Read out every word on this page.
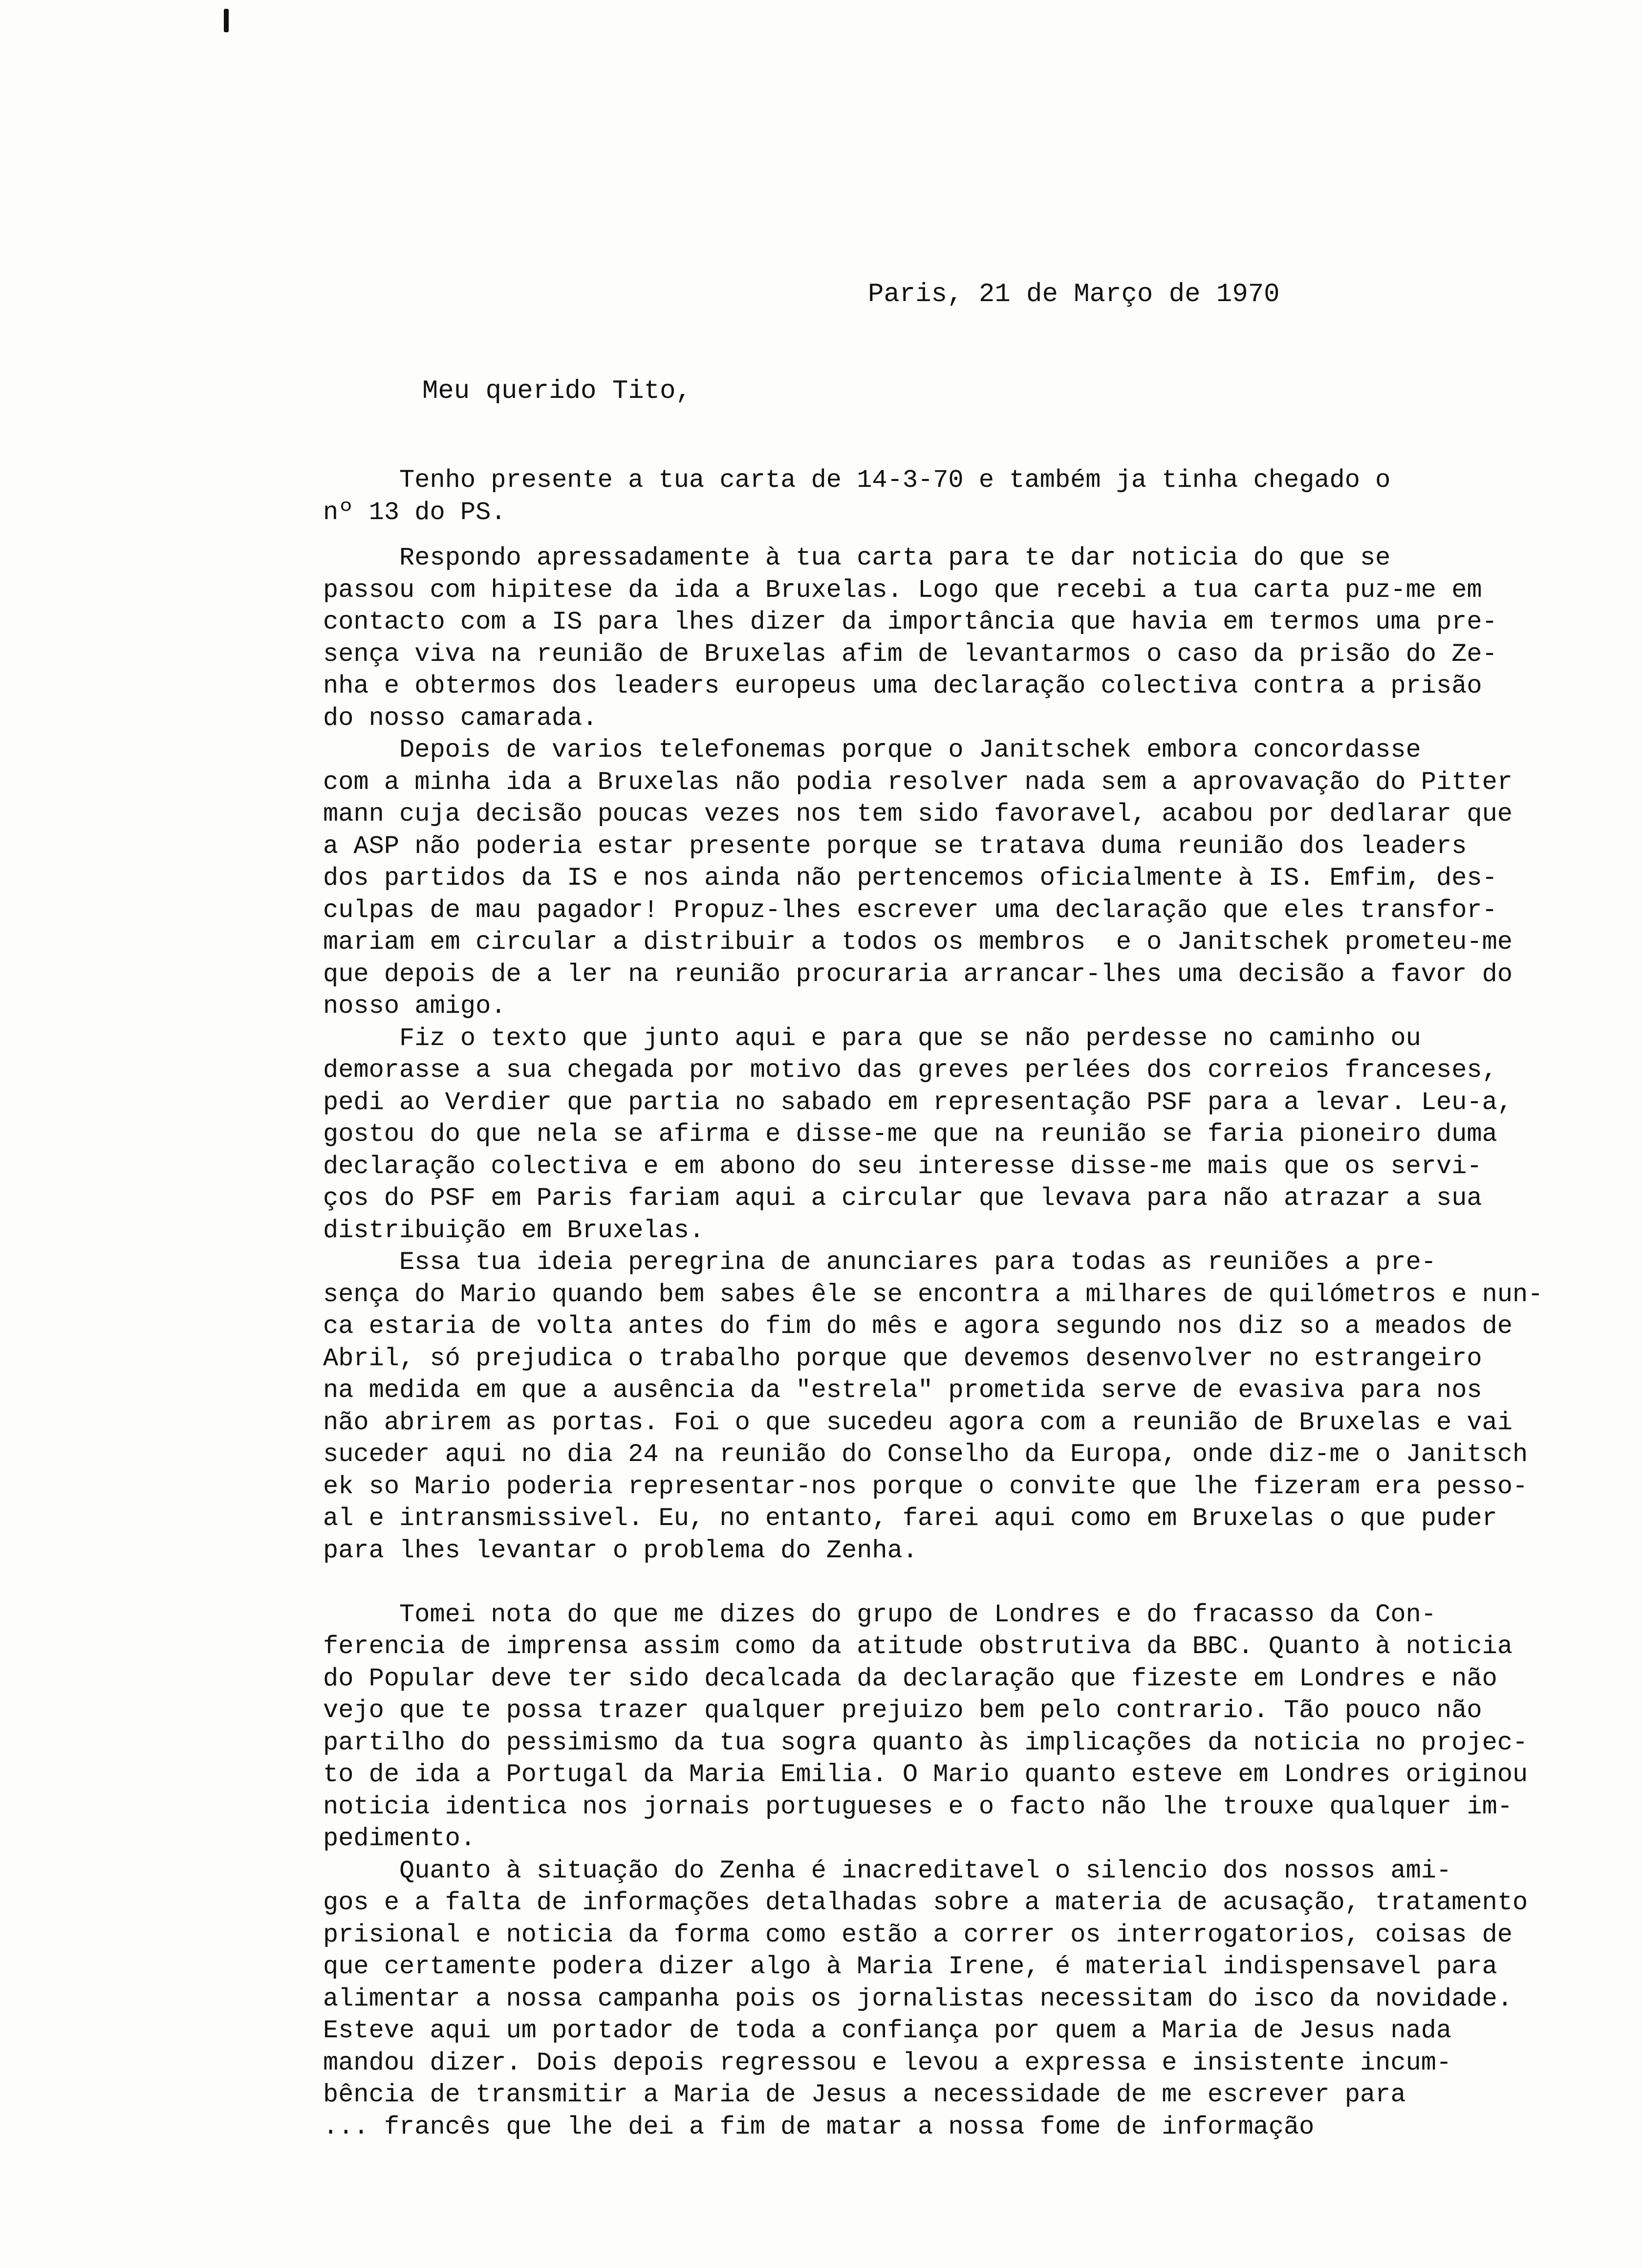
Paris, 21 de Março de 1970
Meu querido Tito,
Tenho presente a tua carta de 14-3-70 e também ja tinha chegado o
nº 13 do PS.
Respondo apressadamente à tua carta para te dar noticia do que se
passou com hipitese da ida a Bruxelas. Logo que recebi a tua carta puz-me em
contacto com a IS para lhes dizer da importância que havia em termos uma pre-
sença viva na reunião de Bruxelas afim de levantarmos o caso da prisão do Ze-
nha e obtermos dos leaders europeus uma declaração colectiva contra a prisão
do nosso camarada.
Depois de varios telefonemas porque o Janitschek embora concordasse
com a minha ida a Bruxelas não podia resolver nada sem a aprovavação do Pitter
mann cuja decisão poucas vezes nos tem sido favoravel, acabou por dedlarar que
a ASP não poderia estar presente porque se tratava duma reunião dos leaders
dos partidos da IS e nos ainda não pertencemos oficialmente à IS. Emfim, des-
culpas de mau pagador! Propuz-lhes escrever uma declaração que eles transfor-
mariam em circular a distribuir a todos os membros  e o Janitschek prometeu-me
que depois de a ler na reunião procuraria arrancar-lhes uma decisão a favor do
nosso amigo.
Fiz o texto que junto aqui e para que se não perdesse no caminho ou
demorasse a sua chegada por motivo das greves perlées dos correios franceses,
pedi ao Verdier que partia no sabado em representação PSF para a levar. Leu-a,
gostou do que nela se afirma e disse-me que na reunião se faria pioneiro duma
declaração colectiva e em abono do seu interesse disse-me mais que os servi-
ços do PSF em Paris fariam aqui a circular que levava para não atrazar a sua
distribuição em Bruxelas.
Essa tua ideia peregrina de anunciares para todas as reuniões a pre-
sença do Mario quando bem sabes êle se encontra a milhares de quilómetros e nun-
ca estaria de volta antes do fim do mês e agora segundo nos diz so a meados de
Abril, só prejudica o trabalho porque que devemos desenvolver no estrangeiro
na medida em que a ausência da "estrela" prometida serve de evasiva para nos
não abrirem as portas. Foi o que sucedeu agora com a reunião de Bruxelas e vai
suceder aqui no dia 24 na reunião do Conselho da Europa, onde diz-me o Janitsch
ek so Mario poderia representar-nos porque o convite que lhe fizeram era pesso-
al e intransmissivel. Eu, no entanto, farei aqui como em Bruxelas o que puder
para lhes levantar o problema do Zenha.
Tomei nota do que me dizes do grupo de Londres e do fracasso da Con-
ferencia de imprensa assim como da atitude obstrutiva da BBC. Quanto à noticia
do Popular deve ter sido decalcada da declaração que fizeste em Londres e não
vejo que te possa trazer qualquer prejuizo bem pelo contrario. Tão pouco não
partilho do pessimismo da tua sogra quanto às implicações da noticia no projec-
to de ida a Portugal da Maria Emilia. O Mario quanto esteve em Londres originou
noticia identica nos jornais portugueses e o facto não lhe trouxe qualquer im-
pedimento.
Quanto à situação do Zenha é inacreditavel o silencio dos nossos ami-
gos e a falta de informações detalhadas sobre a materia de acusação, tratamento
prisional e noticia da forma como estão a correr os interrogatorios, coisas de
que certamente podera dizer algo à Maria Irene, é material indispensavel para
alimentar a nossa campanha pois os jornalistas necessitam do isco da novidade.
Esteve aqui um portador de toda a confiança por quem a Maria de Jesus nada
mandou dizer. Dois depois regressou e levou a expressa e insistente incum-
bência de transmitir a Maria de Jesus a necessidade de me escrever para
... francês que lhe dei a fim de matar a nossa fome de informação
